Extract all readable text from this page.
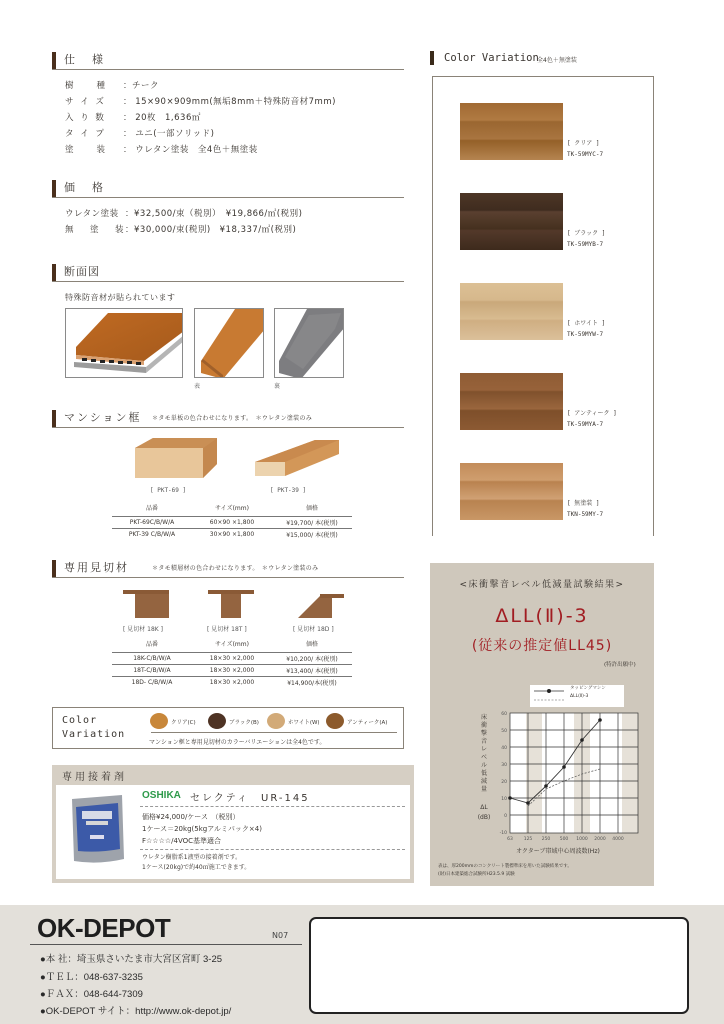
仕　様
樹　　種 ：チーク
サ イ ズ ： 15×90×909mm(無垢8mm＋特殊防音材7mm)
入 り 数 ： 20枚　1,636㎡
タ イ プ ： ユニ(一部ソリッド)
塗　　装 ： ウレタン塗装　全4色＋無塗装
価　格
ウレタン塗装 ：¥32,500/束（税別）　¥19,866/㎡(税別)
無　塗　装：¥30,000/束(税別)　¥18,337/㎡(税別)
断面図
特殊防音材が貼られています
表	裏
マンション框 ＊タモ単板の色合わせになります。　＊ウレタン塗装のみ
[ PKT-69 ]	[ PKT-39 ]
品番	サイズ(mm)	価格
PKT-69C/B/W/A	60×90 ×1,800	¥19,700/ 本(税別)
PKT-39 C/B/W/A	30×90 ×1,800	¥15,000/ 本(税別)
専用見切材	＊タモ積層材の色合わせになります。　＊ウレタン塗装のみ
[ 見切材 18K ]	[ 見切材 18T ]	[ 見切材 18D ]
品番	サイズ(mm)	価格
18K-C/B/W/A	18×30 ×2,000	¥10,200/ 本(税別)
18T-C/B/W/A	18×30 ×2,000	¥13,400/ 本(税別)
18D- C/B/W/A	18×30 ×2,000	¥14,900/本(税別)
Color
Variation
クリア(C)	ブラック(B)	ホワイト(W)	アンティーク(A)
マンション框と専用見切材のカラーバリエーションは全4色です。
専用接着剤
OSHIKA セレクティ　UR-145
価格¥24,000/ケース　（税別）
1ケース＝20kg(5kgアルミパック×4)
F☆☆☆☆/4VOC基準適合
ウレタン樹脂系1液型の接着剤です。
1ケース(20kg)で約40㎡施工できます。
Color Variation
全4色＋無塗装
[ クリア ]
TK-59MYC-7
[ ブラック ]
TK-59MYB-7
[ ホワイト ]
TK-59MYW-7
[ アンティーク ]
TK-59MYA-7
[ 無塗装 ]
TKN-59MY-7
<床衝撃音レベル低減量試験結果>
ΔLL(Ⅱ)-3
(従来の推定値LL45)
(特許出願中)
60
50
40
30
20
10
0
-10
63 125 250 500 1000 2000 4000
床
衝
撃
音
レ
ベ
ル
低
減
量
ΔL
(dB)
タッピングマシン
ΔLL(Ⅱ)-3
オクターブ帯域中心周波数(Hz)
表は、厚200mmのコンクリート製標準床を用いた試験結果です。
(財)日本建築総合試験所H23.5.9 試験
OK-DEPOT	N07
●本 社：埼玉県さいたま市大宮区宮町 3-25
●ＴＥＬ：048-637-3235
●ＦＡＸ：048-644-7309
●OK-DEPOT サイト：http://www.ok-depot.jp/
